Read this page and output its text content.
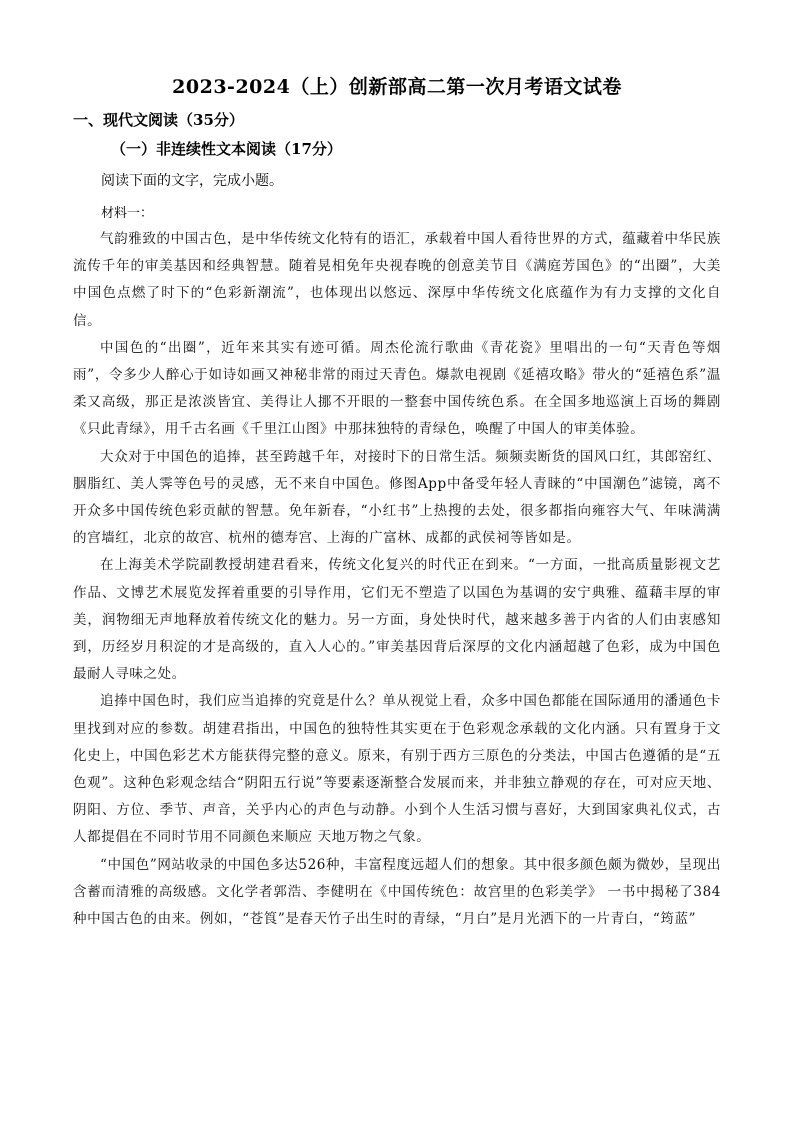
2023-2024（上）创新部高二第一次月考语文试卷
一、现代文阅读（35分）
（一）非连续性文本阅读（17分）
阅读下面的文字，完成小题。
材料一：

气韵雅致的中国古色，是中华传统文化特有的语汇，承载着中国人看待世界的方式，蕴藏着中华民族流传千年的审美基因和经典智慧。随着晃相免年央视春晚的创意美节目《满庭芳国色》的“出圈”，大美中国色点燃了时下的“色彩新潮流”，也体现出以悠远、深厚中华传统文化底蕴作为有力支撑的文化自信。

中国色的“出圈”，近年来其实有迹可循。周杰伦流行歌曲《青花瓷》里唱出的一句“天青色等烟雨”，令多少人醉心于如诗如画又神秘非常的雨过天青色。爆款电视剧《延禧攻略》带火的“延禧色系”温柔又高级，那正是浓淡皆宜、美得让人挪不开眼的一整套中国传统色系。在全国多地巡演上百场的舞剧《只此青绿》，用千古名画《千里江山图》中那抹独特的青绿色，唤醒了中国人的审美体验。

大众对于中国色的追捧，甚至跨越千年，对接时下的日常生活。频频卖断货的国风口红，其郎窑红、胭脂红、美人霁等色号的灵感，无不来自中国色。修图App中备受年轻人青睐的“中国潮色”滤镜，离不开众多中国传统色彩贡献的智慧。免年新春，“小红书”上热搜的去处，很多都指向雍容大气、年味满满的宫墙红，北京的故宫、杭州的德寿宫、上海的广富林、成都的武侯祠等皆如是。

在上海美术学院副教授胡建君看来，传统文化复兴的时代正在到来。“一方面，一批高质量影视文艺作品、文博艺术展览发挥着重要的引导作用，它们无不塑造了以国色为基调的安宁典雅、蕴藉丰厚的审美，润物细无声地释放着传统文化的魅力。另一方面，身处快时代，越来越多善于内省的人们由衷感知到，历经岁月积淀的才是高级的，直入人心的。”审美基因背后深厚的文化内涵超越了色彩，成为中国色最耐人寻味之处。

追捧中国色时，我们应当追捧的究竟是什么？单从视觉上看，众多中国色都能在国际通用的潘通色卡里找到对应的参数。胡建君指出，中国色的独特性其实更在于色彩观念承载的文化内涵。只有置身于文化史上，中国色彩艺术方能获得完整的意义。原来，有别于西方三原色的分类法，中国古色遵循的是“五色观”。这种色彩观念结合“阴阳五行说”等要素逐渐整合发展而来，并非独立静观的存在，可对应天地、阴阳、方位、季节、声音，关乎内心的声色与动静。小到个人生活习惯与喜好，大到国家典礼仪式，古人都提倡在不同时节用不同颜色来顺应 天地万物之气象。

“中国色”网站收录的中国色多达526种，丰富程度远超人们的想象。其中很多颜色颇为微妙，呈现出含蓄而清雅的高级感。文化学者郭浩、李健明在《中国传统色：故宫里的色彩美学》 一书中揭秘了384种中国古色的由来。例如，“苍筤”是春天竹子出生时的青绿，“月白”是月光洒下的一片青白，“筠蓝”
